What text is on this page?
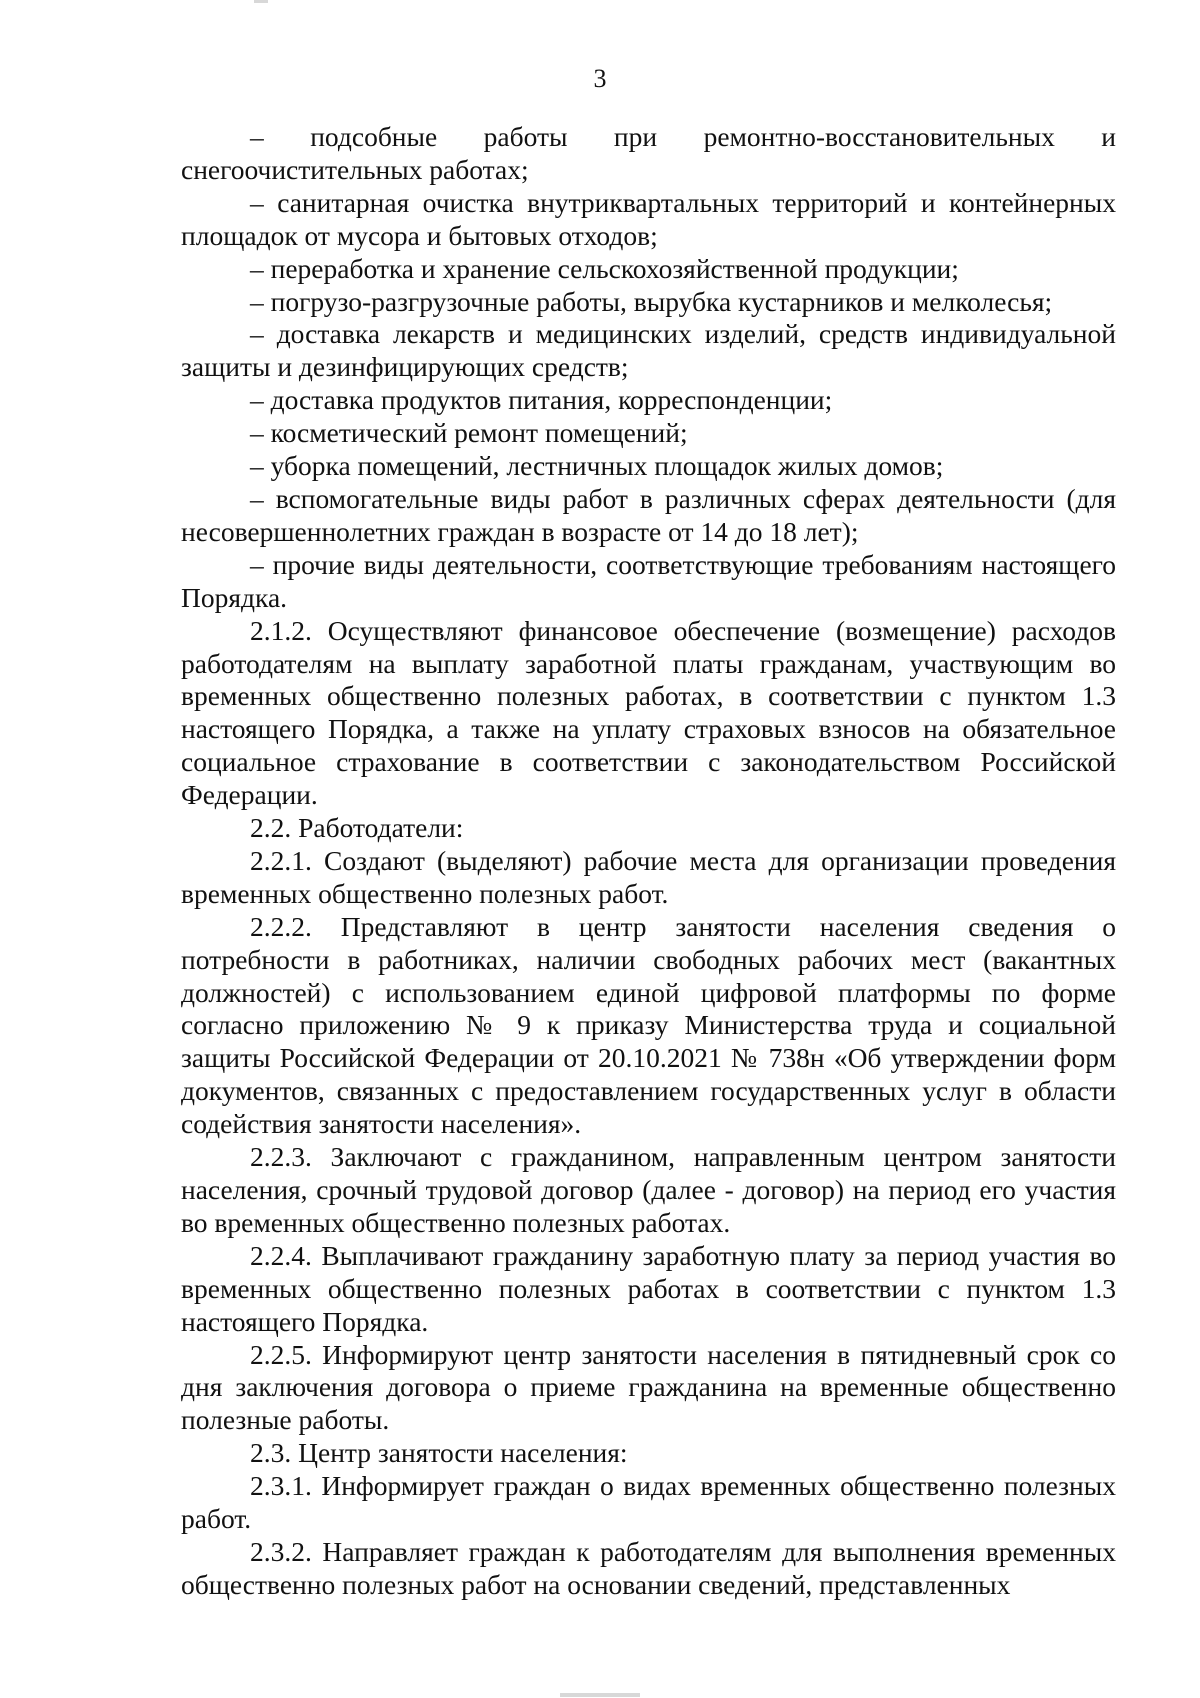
3

– подсобные работы при ремонтно-восстановительных и снегоочистительных работах;

– санитарная очистка внутриквартальных территорий и контейнерных площадок от мусора и бытовых отходов;

– переработка и хранение сельскохозяйственной продукции;

– погрузо-разгрузочные работы, вырубка кустарников и мелколесья;

– доставка лекарств и медицинских изделий, средств индивидуальной защиты и дезинфицирующих средств;

– доставка продуктов питания, корреспонденции;

– косметический ремонт помещений;

– уборка помещений, лестничных площадок жилых домов;

– вспомогательные виды работ в различных сферах деятельности (для несовершеннолетних граждан в возрасте от 14 до 18 лет);

– прочие виды деятельности, соответствующие требованиям настоящего Порядка.

2.1.2. Осуществляют финансовое обеспечение (возмещение) расходов работодателям на выплату заработной платы гражданам, участвующим во временных общественно полезных работах, в соответствии с пунктом 1.3 настоящего Порядка, а также на уплату страховых взносов на обязательное социальное страхование в соответствии с законодательством Российской Федерации.

2.2. Работодатели:

2.2.1. Создают (выделяют) рабочие места для организации проведения временных общественно полезных работ.

2.2.2. Представляют в центр занятости населения сведения о потребности в работниках, наличии свободных рабочих мест (вакантных должностей) с использованием единой цифровой платформы по форме согласно приложению № 9 к приказу Министерства труда и социальной защиты Российской Федерации от 20.10.2021 № 738н «Об утверждении форм документов, связанных с предоставлением государственных услуг в области содействия занятости населения».

2.2.3. Заключают с гражданином, направленным центром занятости населения, срочный трудовой договор (далее - договор) на период его участия во временных общественно полезных работах.

2.2.4. Выплачивают гражданину заработную плату за период участия во временных общественно полезных работах в соответствии с пунктом 1.3 настоящего Порядка.

2.2.5. Информируют центр занятости населения в пятидневный срок со дня заключения договора о приеме гражданина на временные общественно полезные работы.

2.3. Центр занятости населения:

2.3.1. Информирует граждан о видах временных общественно полезных работ.

2.3.2. Направляет граждан к работодателям для выполнения временных общественно полезных работ на основании сведений, представленных
